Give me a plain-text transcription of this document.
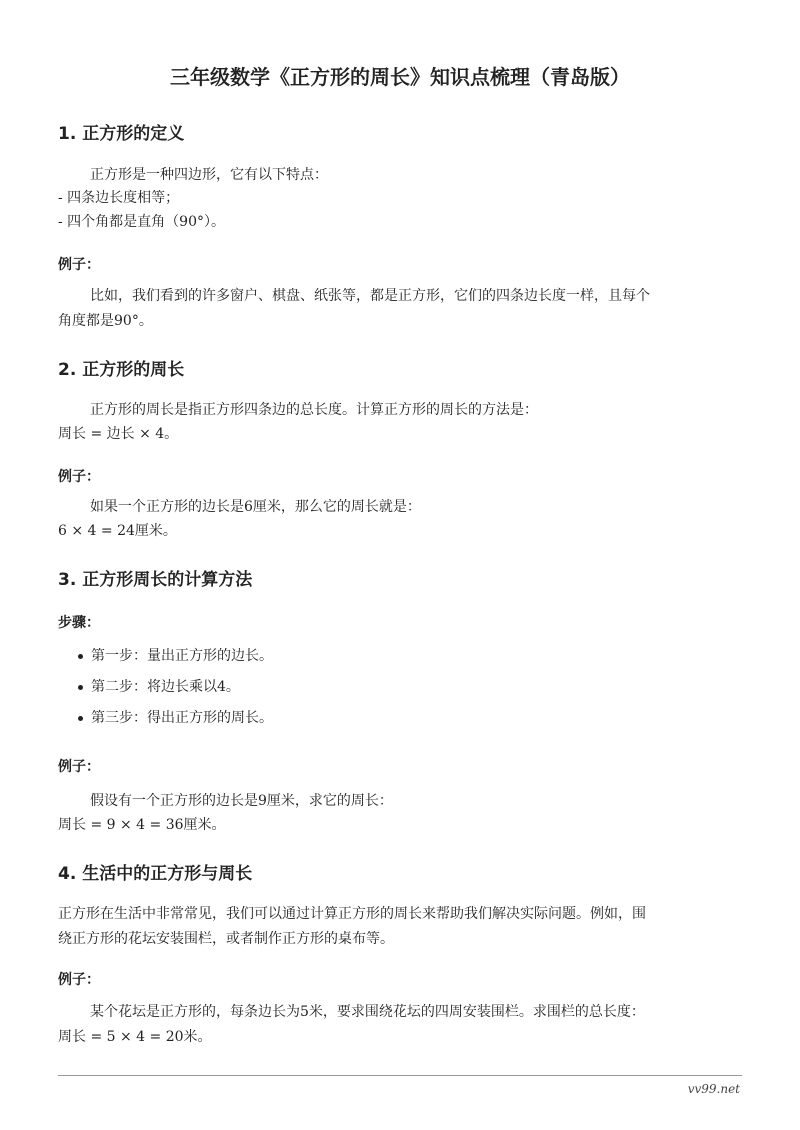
vv99.net
三年级数学《正方形的周长》知识点梳理（青岛版）
1. 正方形的定义
正方形是一种四边形，它有以下特点：
- 四条边长度相等；
- 四个角都是直角（90°）。
例子：
比如，我们看到的许多窗户、棋盘、纸张等，都是正方形，它们的四条边长度一样，且每个
角度都是90°。
2. 正方形的周长
正方形的周长是指正方形四条边的总长度。计算正方形的周长的方法是：
周长 = 边长 × 4。
例子：
如果一个正方形的边长是6厘米，那么它的周长就是：
6 × 4 = 24厘米。
3. 正方形周长的计算方法
步骤：
第一步：量出正方形的边长。
第二步：将边长乘以4。
第三步：得出正方形的周长。
例子：
假设有一个正方形的边长是9厘米，求它的周长：
周长 = 9 × 4 = 36厘米。
4. 生活中的正方形与周长
正方形在生活中非常常见，我们可以通过计算正方形的周长来帮助我们解决实际问题。例如，围
绕正方形的花坛安装围栏，或者制作正方形的桌布等。
例子：
某个花坛是正方形的，每条边长为5米，要求围绕花坛的四周安装围栏。求围栏的总长度：
周长 = 5 × 4 = 20米。
vv99.net
